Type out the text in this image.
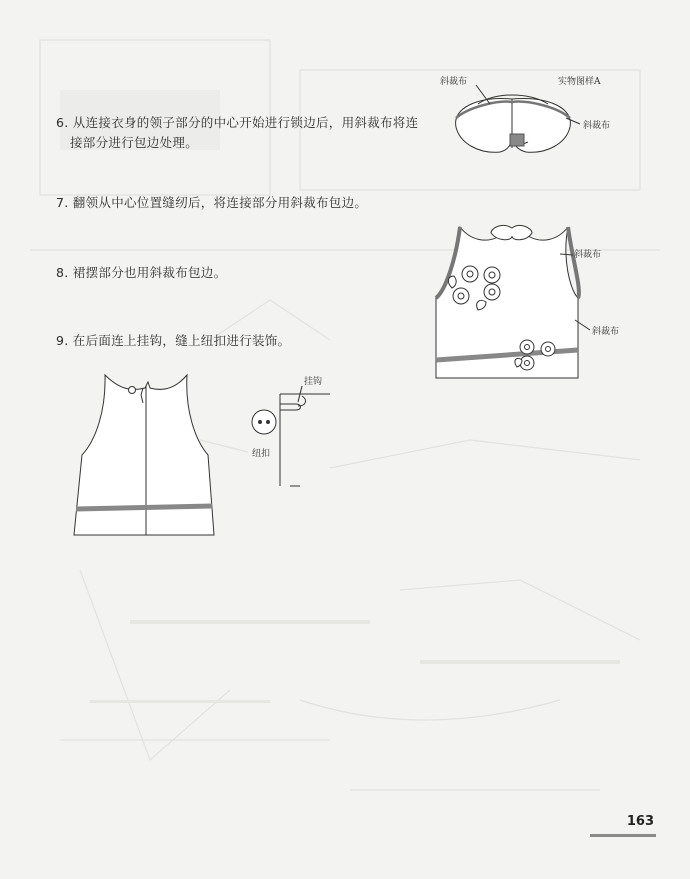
6. 从连接衣身的领子部分的中心开始进行锁边后，用斜裁布将连
接部分进行包边处理。
7. 翻领从中心位置缝纫后，将连接部分用斜裁布包边。
8. 裙摆部分也用斜裁布包边。
9. 在后面连上挂钩，缝上纽扣进行装饰。
斜裁布	实物图样A
斜裁布
斜裁布
斜裁布
挂钩
纽扣
163
